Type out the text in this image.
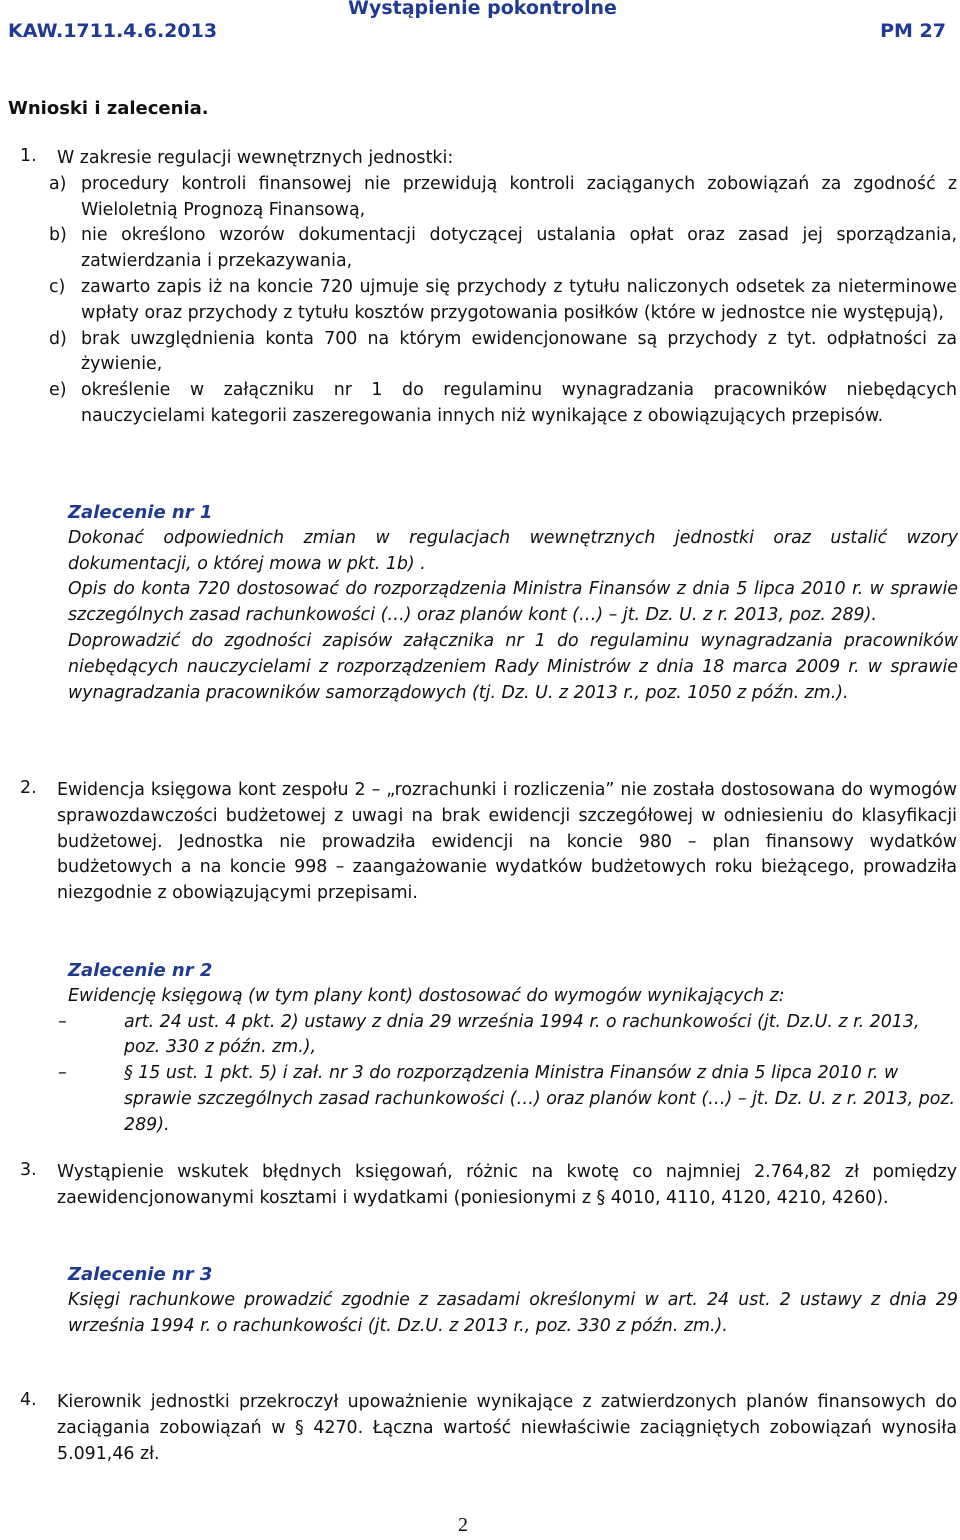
KAW.1711.4.6.2013
Wystąpienie pokontrolne
PM 27
Wnioski i zalecenia.
1. W zakresie regulacji wewnętrznych jednostki:
a) procedury kontroli finansowej nie przewidują kontroli zaciąganych zobowiązań za zgodność z Wieloletnią Prognozą Finansową,
b) nie określono wzorów dokumentacji dotyczącej ustalania opłat oraz zasad jej sporządzania, zatwierdzania i przekazywania,
c) zawarto zapis iż na koncie 720 ujmuje się przychody z tytułu naliczonych odsetek za nieterminowe wpłaty oraz przychody z tytułu kosztów przygotowania posiłków (które w jednostce nie występują),
d) brak uwzględnienia konta 700 na którym ewidencjonowane są przychody z tyt. odpłatności za żywienie,
e) określenie w załączniku nr 1 do regulaminu wynagradzania pracowników niebędących nauczycielami kategorii zaszeregowania innych niż wynikające z obowiązujących przepisów.
Zalecenie nr 1
Dokonać odpowiednich zmian w regulacjach wewnętrznych jednostki oraz ustalić wzory dokumentacji, o której mowa w pkt. 1b) .
Opis do konta 720 dostosować do rozporządzenia Ministra Finansów z dnia 5 lipca 2010 r. w sprawie szczególnych zasad rachunkowości (…) oraz planów kont (…) – jt. Dz. U. z r. 2013, poz. 289).
Doprowadzić do zgodności zapisów załącznika nr 1 do regulaminu wynagradzania pracowników niebędących nauczycielami z rozporządzeniem Rady Ministrów z dnia 18 marca 2009 r. w sprawie wynagradzania pracowników samorządowych (tj. Dz. U. z 2013 r., poz. 1050 z późn. zm.).
2. Ewidencja księgowa kont zespołu 2 – „rozrachunki i rozliczenia” nie została dostosowana do wymogów sprawozdawczości budżetowej z uwagi na brak ewidencji szczegółowej w odniesieniu do klasyfikacji budżetowej. Jednostka nie prowadziła ewidencji na koncie 980 – plan finansowy wydatków budżetowych a na koncie 998 – zaangażowanie wydatków budżetowych roku bieżącego, prowadziła niezgodnie z obowiązującymi przepisami.
Zalecenie nr 2
Ewidencję księgową (w tym plany kont) dostosować do wymogów wynikających z:
–	art. 24 ust. 4 pkt. 2) ustawy z dnia 29 września 1994 r. o rachunkowości (jt. Dz.U. z r. 2013, poz. 330 z późn. zm.),
–	§ 15 ust. 1 pkt. 5) i zał. nr 3 do rozporządzenia Ministra Finansów z dnia 5 lipca 2010 r. w sprawie szczególnych zasad rachunkowości (…) oraz planów kont (…) – jt. Dz. U. z r. 2013, poz. 289).
3. Wystąpienie wskutek błędnych księgowań, różnic na kwotę co najmniej 2.764,82 zł pomiędzy zaewidencjonowanymi kosztami i wydatkami (poniesionymi z § 4010, 4110, 4120, 4210, 4260).
Zalecenie nr 3
Księgi rachunkowe prowadzić zgodnie z zasadami określonymi w art. 24 ust. 2 ustawy z dnia 29 września 1994 r. o rachunkowości (jt. Dz.U. z 2013 r., poz. 330 z późn. zm.).
4. Kierownik jednostki przekroczył upoważnienie wynikające z zatwierdzonych planów finansowych do zaciągania zobowiązań w § 4270. Łączna wartość niewłaściwie zaciągniętych zobowiązań wynosiła 5.091,46 zł.
2
